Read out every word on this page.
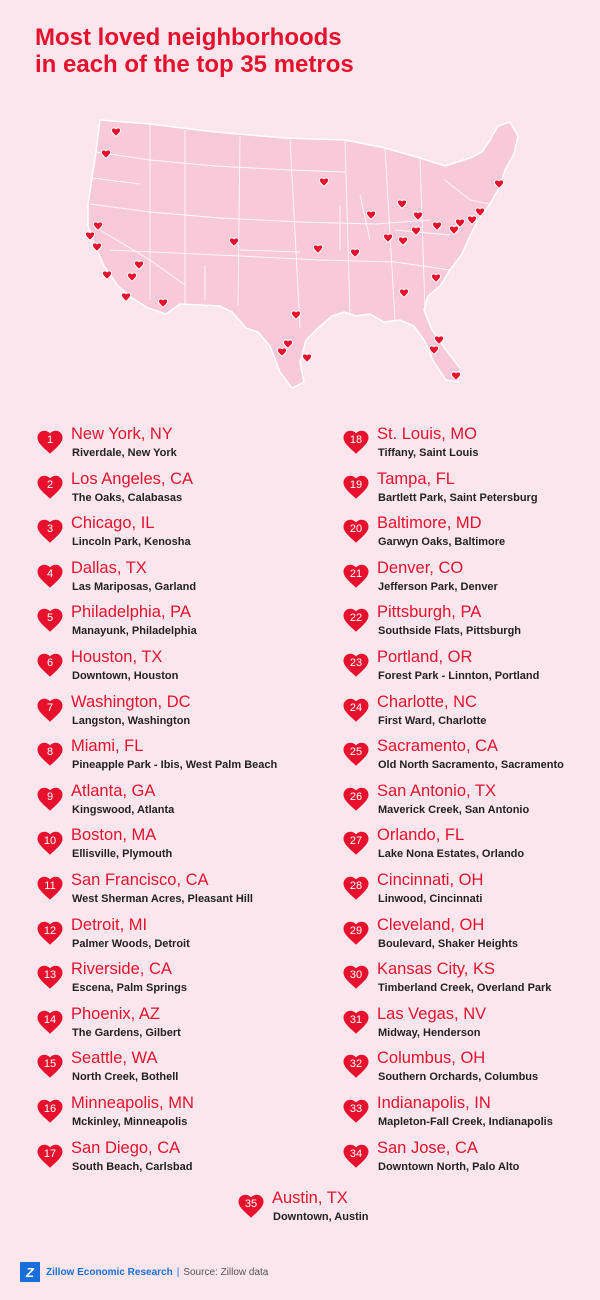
Most loved neighborhoods
in each of the top 35 metros
1	New York, NY
Riverdale, New York
2	Los Angeles, CA
The Oaks, Calabasas
3	Chicago, IL
Lincoln Park, Kenosha
4	Dallas, TX
Las Mariposas, Garland
5	Philadelphia, PA
Manayunk, Philadelphia
6	Houston, TX
Downtown, Houston
7	Washington, DC
Langston, Washington
8	Miami, FL
Pineapple Park - Ibis, West Palm Beach
9	Atlanta, GA
Kingswood, Atlanta
10 Boston, MA
Ellisville, Plymouth
11 San Francisco, CA
West Sherman Acres, Pleasant Hill
12 Detroit, MI
Palmer Woods, Detroit
13 Riverside, CA
Escena, Palm Springs
14 Phoenix, AZ
The Gardens, Gilbert
15 Seattle, WA
North Creek, Bothell
16 Minneapolis, MN
Mckinley, Minneapolis
17 San Diego, CA
South Beach, Carlsbad
18 St. Louis, MO
Tiffany, Saint Louis
19 Tampa, FL
Bartlett Park, Saint Petersburg
20 Baltimore, MD
Garwyn Oaks, Baltimore
21 Denver, CO
Jefferson Park, Denver
22 Pittsburgh, PA
Southside Flats, Pittsburgh
23 Portland, OR
Forest Park - Linnton, Portland
24 Charlotte, NC
First Ward, Charlotte
25 Sacramento, CA
Old North Sacramento, Sacramento
26 San Antonio, TX
Maverick Creek, San Antonio
27 Orlando, FL
Lake Nona Estates, Orlando
28 Cincinnati, OH
Linwood, Cincinnati
29 Cleveland, OH
Boulevard, Shaker Heights
30 Kansas City, KS
Timberland Creek, Overland Park
31 Las Vegas, NV
Midway, Henderson
32 Columbus, OH
Southern Orchards, Columbus
33 Indianapolis, IN
Mapleton-Fall Creek, Indianapolis
34 San Jose, CA
Downtown North, Palo Alto
35 Austin, TX
Downtown, Austin
Z Zillow Economic Research | Source: Zillow data
